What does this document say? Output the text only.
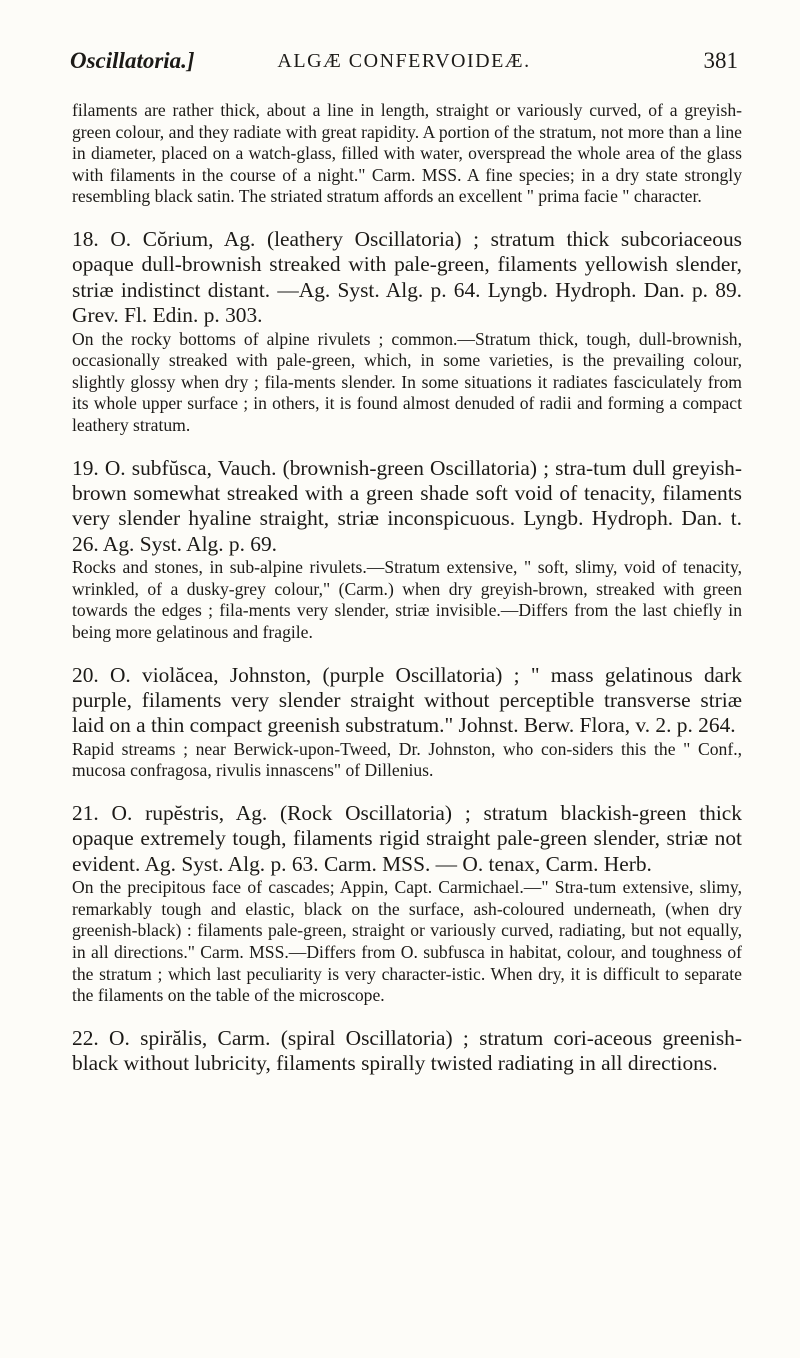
Oscillatoria.]	ALGÆ CONFERVOIDEÆ.	381

filaments are rather thick, about a line in length, straight or variously curved, of a greyish-green colour, and they radiate with great rapidity. A portion of the stratum, not more than a line in diameter, placed on a watch-glass, filled with water, overspread the whole area of the glass with filaments in the course of a night." Carm. MSS. A fine species; in a dry state strongly resembling black satin. The striated stratum affords an excellent " prima facie " character.

18. O. Cŏrium, Ag. (leathery Oscillatoria) ; stratum thick subcoriaceous opaque dull-brownish streaked with pale-green, filaments yellowish slender, striæ indistinct distant. —Ag. Syst. Alg. p. 64. Lyngb. Hydroph. Dan. p. 89. Grev. Fl. Edin. p. 303.

On the rocky bottoms of alpine rivulets ; common.—Stratum thick, tough, dull-brownish, occasionally streaked with pale-green, which, in some varieties, is the prevailing colour, slightly glossy when dry ; fila-ments slender. In some situations it radiates fasciculately from its whole upper surface ; in others, it is found almost denuded of radii and forming a compact leathery stratum.

19. O. subfŭsca, Vauch. (brownish-green Oscillatoria) ; stra-tum dull greyish-brown somewhat streaked with a green shade soft void of tenacity, filaments very slender hyaline straight, striæ inconspicuous. Lyngb. Hydroph. Dan. t. 26. Ag. Syst. Alg. p. 69.

Rocks and stones, in sub-alpine rivulets.—Stratum extensive, " soft, slimy, void of tenacity, wrinkled, of a dusky-grey colour," (Carm.) when dry greyish-brown, streaked with green towards the edges ; fila-ments very slender, striæ invisible.—Differs from the last chiefly in being more gelatinous and fragile.

20. O. violăcea, Johnston, (purple Oscillatoria) ; " mass gelatinous dark purple, filaments very slender straight without perceptible transverse striæ laid on a thin compact greenish substratum." Johnst. Berw. Flora, v. 2. p. 264.

Rapid streams ; near Berwick-upon-Tweed, Dr. Johnston, who con-siders this the " Conf., mucosa confragosa, rivulis innascens" of Dillenius.

21. O. rupĕstris, Ag. (Rock Oscillatoria) ; stratum blackish-green thick opaque extremely tough, filaments rigid straight pale-green slender, striæ not evident. Ag. Syst. Alg. p. 63. Carm. MSS. — O. tenax, Carm. Herb.

On the precipitous face of cascades; Appin, Capt. Carmichael.—" Stra-tum extensive, slimy, remarkably tough and elastic, black on the surface, ash-coloured underneath, (when dry greenish-black) : filaments pale-green, straight or variously curved, radiating, but not equally, in all directions." Carm. MSS.—Differs from O. subfusca in habitat, colour, and toughness of the stratum ; which last peculiarity is very character-istic. When dry, it is difficult to separate the filaments on the table of the microscope.

22. O. spirălis, Carm. (spiral Oscillatoria) ; stratum cori-aceous greenish-black without lubricity, filaments spirally twisted radiating in all directions.
